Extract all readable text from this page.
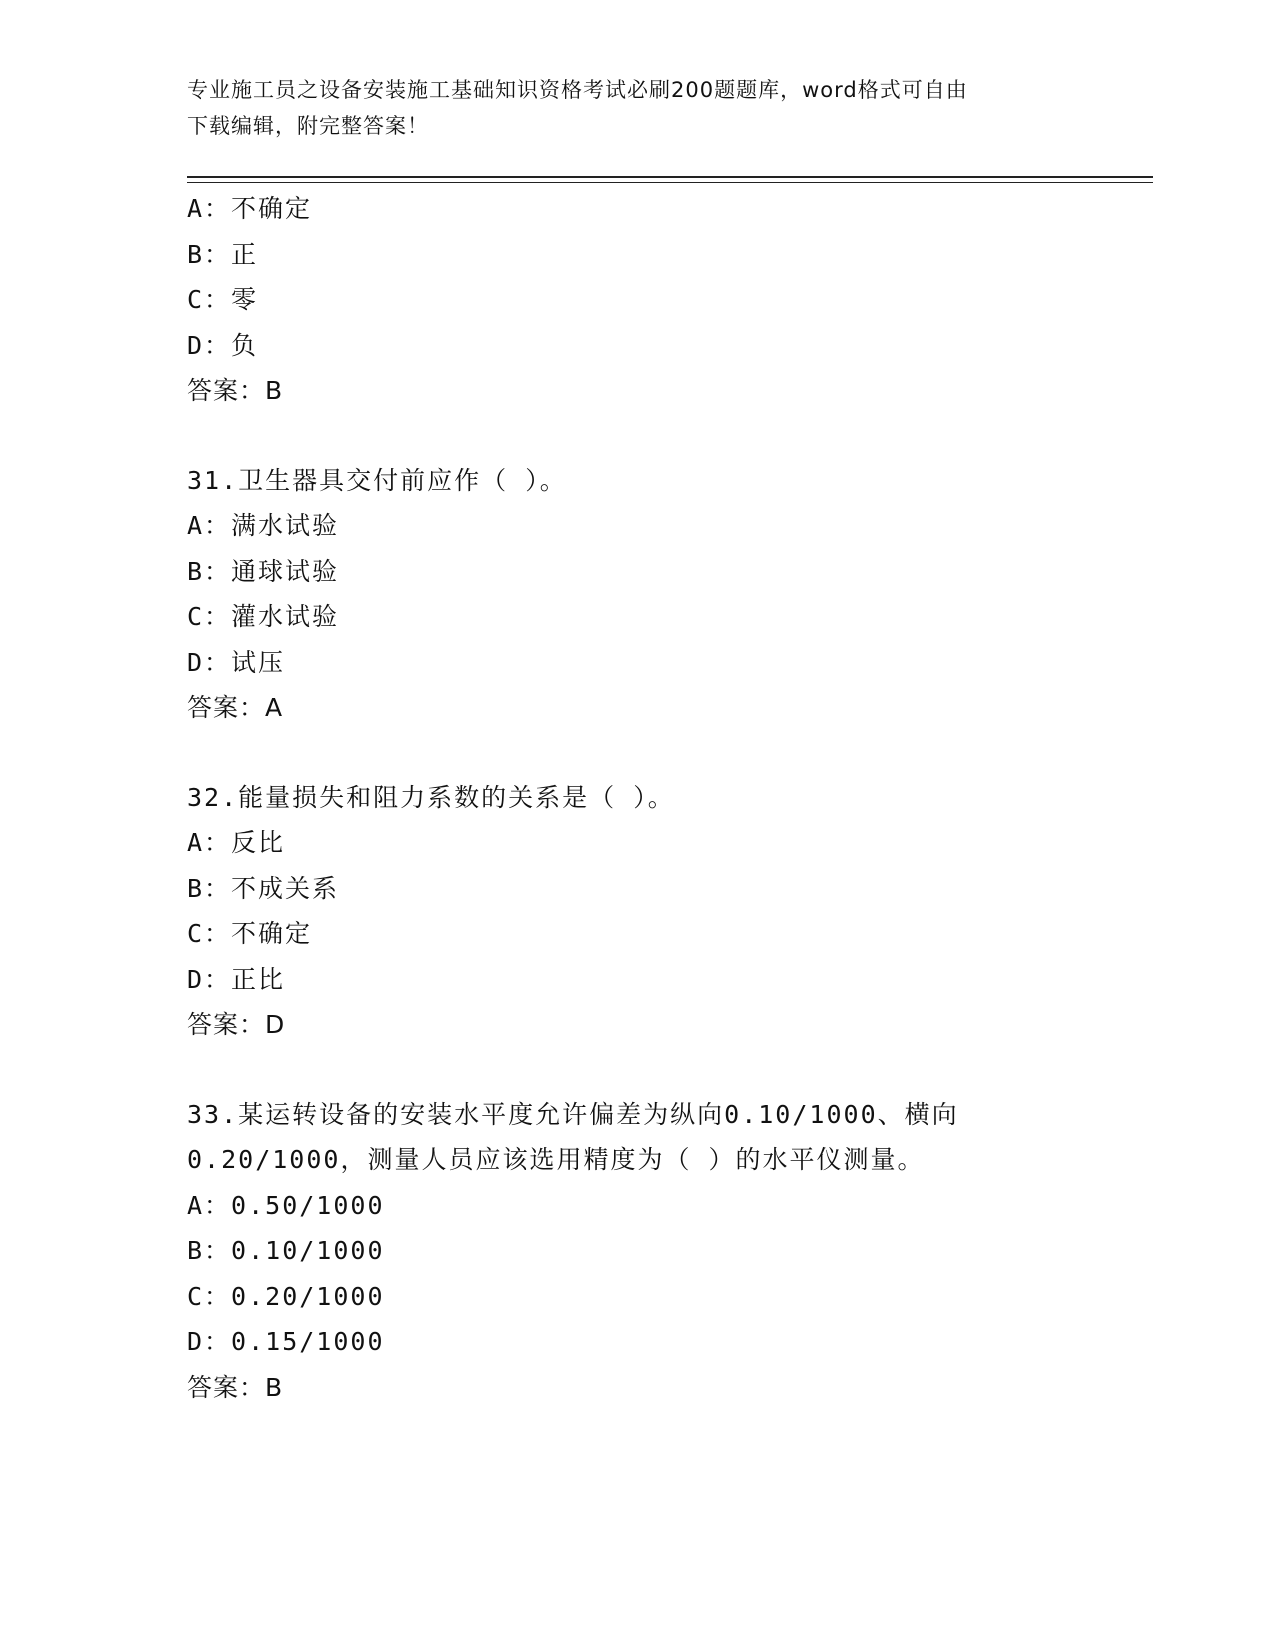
专业施工员之设备安装施工基础知识资格考试必刷200题题库，word格式可自由
下载编辑，附完整答案！
A：不确定
B：正
C：零
D：负
答案：B
31.卫生器具交付前应作（ ）。
A：满水试验
B：通球试验
C：灌水试验
D：试压
答案：A
32.能量损失和阻力系数的关系是（ ）。
A：反比
B：不成关系
C：不确定
D：正比
答案：D
33.某运转设备的安装水平度允许偏差为纵向0.10/1000、横向
0.20/1000，测量人员应该选用精度为（ ）的水平仪测量。
A：0.50/1000
B：0.10/1000
C：0.20/1000
D：0.15/1000
答案：B
